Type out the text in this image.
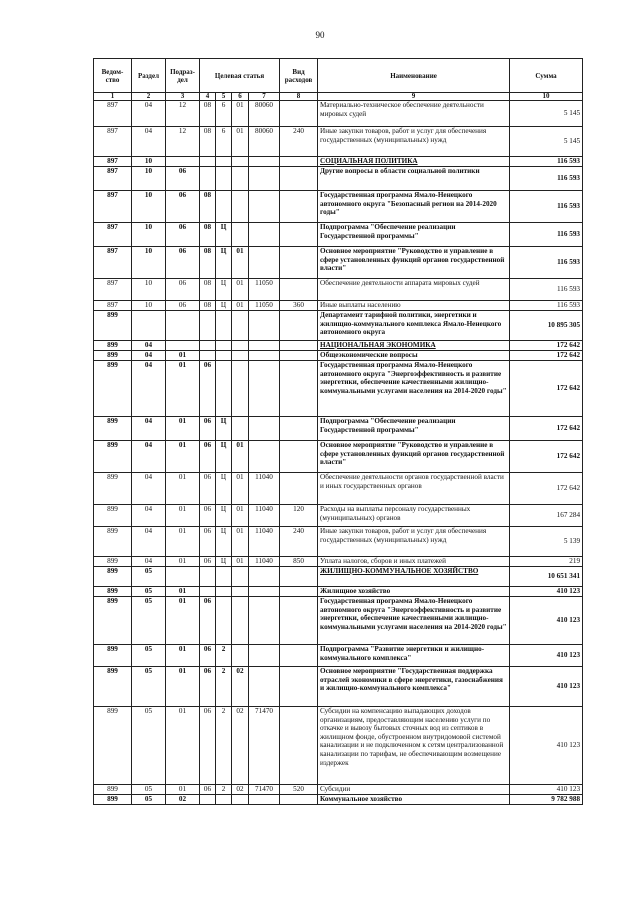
90
Ведом-ство	Раздел	Подраз-дел	Целевая статья				Вид расходов	Наименование	Сумма
1	2	3	4	5	6	7	8	9	10
897	04	12	08	6	01	80060		Материально-техническое обеспечение деятельности мировых судей	5 145
897	04	12	08	6	01	80060	240	Иные закупки товаров, работ и услуг для обеспечения государственных (муниципальных) нужд	5 145
897	10							СОЦИАЛЬНАЯ ПОЛИТИКА	116 593
897	10	06						Другие вопросы в области социальной политики	116 593
897	10	06	08					Государственная программа Ямало-Ненецкого автономного округа "Безопасный регион на 2014-2020 годы"	116 593
897	10	06	08	Ц				Подпрограмма "Обеспечение реализации Государственной программы"	116 593
897	10	06	08	Ц	01			Основное мероприятие "Руководство и управление в сфере установленных функций органов государственной власти"	116 593
897	10	06	08	Ц	01	11050		Обеспечение деятельности аппарата мировых судей	116 593
897	10	06	08	Ц	01	11050	360	Иные выплаты населению	116 593
899								Департамент тарифной политики, энергетики и жилищно-коммунального комплекса Ямало-Ненецкого автономного округа	10 895 305
899	04							НАЦИОНАЛЬНАЯ ЭКОНОМИКА	172 642
899	04	01						Общеэкономические вопросы	172 642
899	04	01	06					Государственная программа Ямало-Ненецкого автономного округа "Энергоэффективность и развитие энергетики, обеспечение качественными жилищно-коммунальными услугами населения на 2014-2020 годы"	172 642
899	04	01	06	Ц				Подпрограмма "Обеспечение реализации Государственной программы"	172 642
899	04	01	06	Ц	01			Основное мероприятие "Руководство и управление в сфере установленных функций органов государственной власти"	172 642
899	04	01	06	Ц	01	11040		Обеспечение деятельности органов государственной власти и иных государственных органов	172 642
899	04	01	06	Ц	01	11040	120	Расходы на выплаты персоналу государственных (муниципальных) органов	167 284
899	04	01	06	Ц	01	11040	240	Иные закупки товаров, работ и услуг для обеспечения государственных (муниципальных) нужд	5 139
899	04	01	06	Ц	01	11040	850	Уплата налогов, сборов и иных платежей	219
899	05							ЖИЛИЩНО-КОММУНАЛЬНОЕ ХОЗЯЙСТВО	10 651 341
899	05	01						Жилищное хозяйство	410 123
899	05	01	06					Государственная программа Ямало-Ненецкого автономного округа "Энергоэффективность и развитие энергетики, обеспечение качественными жилищно-коммунальными услугами населения на 2014-2020 годы"	410 123
899	05	01	06	2				Подпрограмма "Развитие энергетики и жилищно-коммунального комплекса"	410 123
899	05	01	06	2	02			Основное мероприятие "Государственная поддержка отраслей экономики в сфере энергетики, газоснабжения и жилищно-коммунального комплекса"	410 123
899	05	01	06	2	02	71470		Субсидии на компенсацию выпадающих доходов организациям, предоставляющим населению услуги по откачке и вывозу бытовых сточных вод из септиков в жилищном фонде, обустроенном внутридомовой системой канализации и не подключенном к сетям централизованной канализации по тарифам, не обеспечивающим возмещение издержек	410 123
899	05	01	06	2	02	71470	520	Субсидии	410 123
899	05	02						Коммунальное хозяйство	9 782 988
